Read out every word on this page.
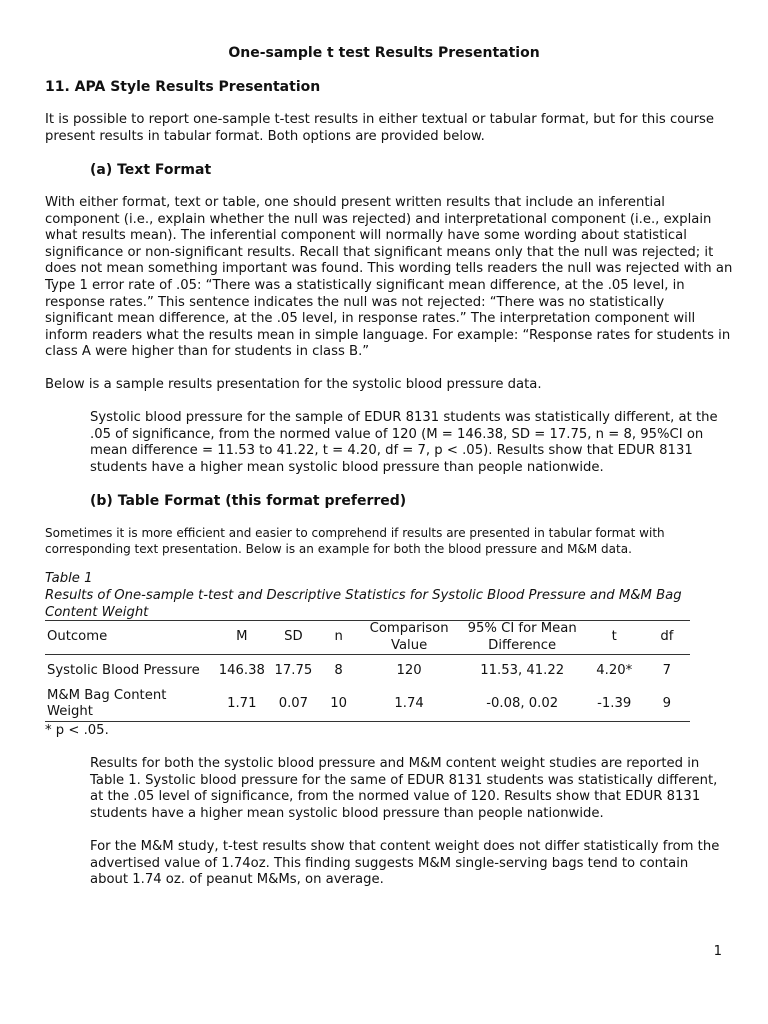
One-sample t test Results Presentation
11. APA Style Results Presentation
It is possible to report one-sample t-test results in either textual or tabular format, but for this course present results in tabular format. Both options are provided below.
(a) Text Format
With either format, text or table, one should present written results that include an inferential component (i.e., explain whether the null was rejected) and interpretational component (i.e., explain what results mean). The inferential component will normally have some wording about statistical significance or non-significant results. Recall that significant means only that the null was rejected; it does not mean something important was found. This wording tells readers the null was rejected with an Type 1 error rate of .05: “There was a statistically significant mean difference, at the .05 level, in response rates.” This sentence indicates the null was not rejected: “There was no statistically significant mean difference, at the .05 level, in response rates.” The interpretation component will inform readers what the results mean in simple language. For example: “Response rates for students in class A were higher than for students in class B.”
Below is a sample results presentation for the systolic blood pressure data.
Systolic blood pressure for the sample of EDUR 8131 students was statistically different, at the .05 of significance, from the normed value of 120 (M = 146.38, SD = 17.75, n = 8, 95%CI on mean difference = 11.53 to 41.22, t = 4.20, df = 7, p < .05). Results show that EDUR 8131 students have a higher mean systolic blood pressure than people nationwide.
(b) Table Format (this format preferred)
Sometimes it is more efficient and easier to comprehend if results are presented in tabular format with corresponding text presentation. Below is an example for both the blood pressure and M&M data.
Table 1
Results of One-sample t-test and Descriptive Statistics for Systolic Blood Pressure and M&M Bag Content Weight
Outcome	M	SD	n	Comparison Value	95% CI for Mean Difference	t	df
Systolic Blood Pressure	146.38	17.75	8	120	11.53, 41.22	4.20*	7
M&M Bag Content Weight	1.71	0.07	10	1.74	-0.08, 0.02	-1.39	9
* p < .05.
Results for both the systolic blood pressure and M&M content weight studies are reported in Table 1. Systolic blood pressure for the same of EDUR 8131 students was statistically different, at the .05 level of significance, from the normed value of 120. Results show that EDUR 8131 students have a higher mean systolic blood pressure than people nationwide.
For the M&M study, t-test results show that content weight does not differ statistically from the advertised value of 1.74oz. This finding suggests M&M single-serving bags tend to contain about 1.74 oz. of peanut M&Ms, on average.
1
